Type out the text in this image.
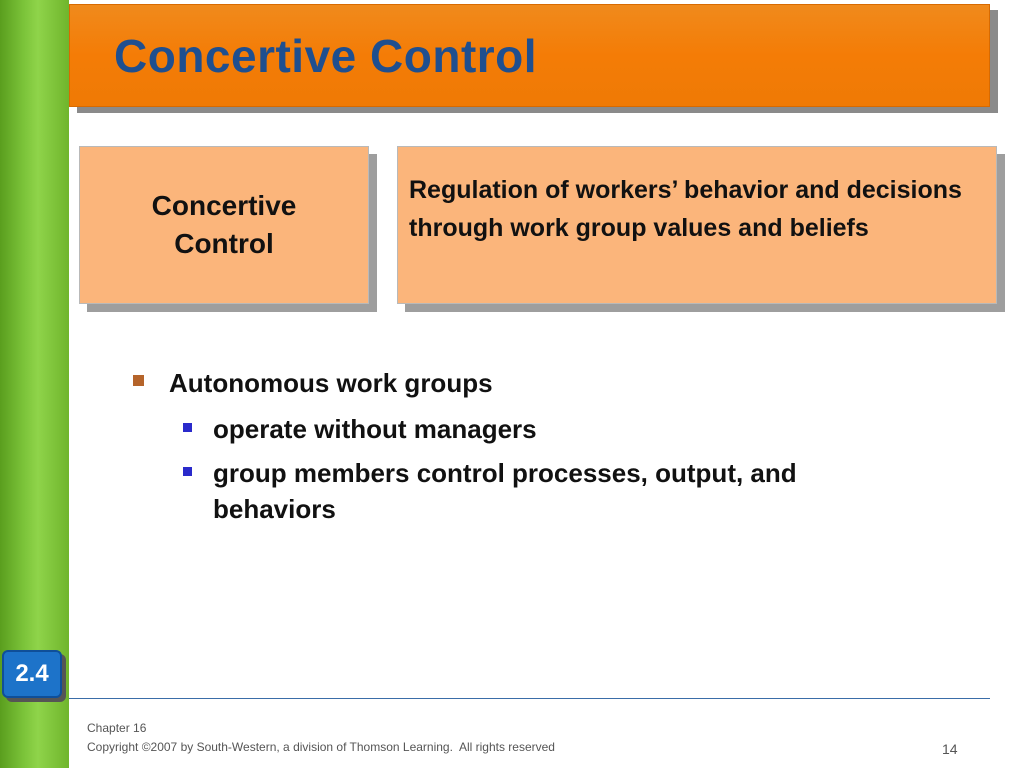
Concertive Control
Concertive Control
Regulation of workers’ behavior and decisions through work group values and beliefs
Autonomous work groups
operate without managers
group members control processes, output, and behaviors
2.4
Chapter 16
Copyright ©2007 by South-Western, a division of Thomson Learning.  All rights reserved	14
